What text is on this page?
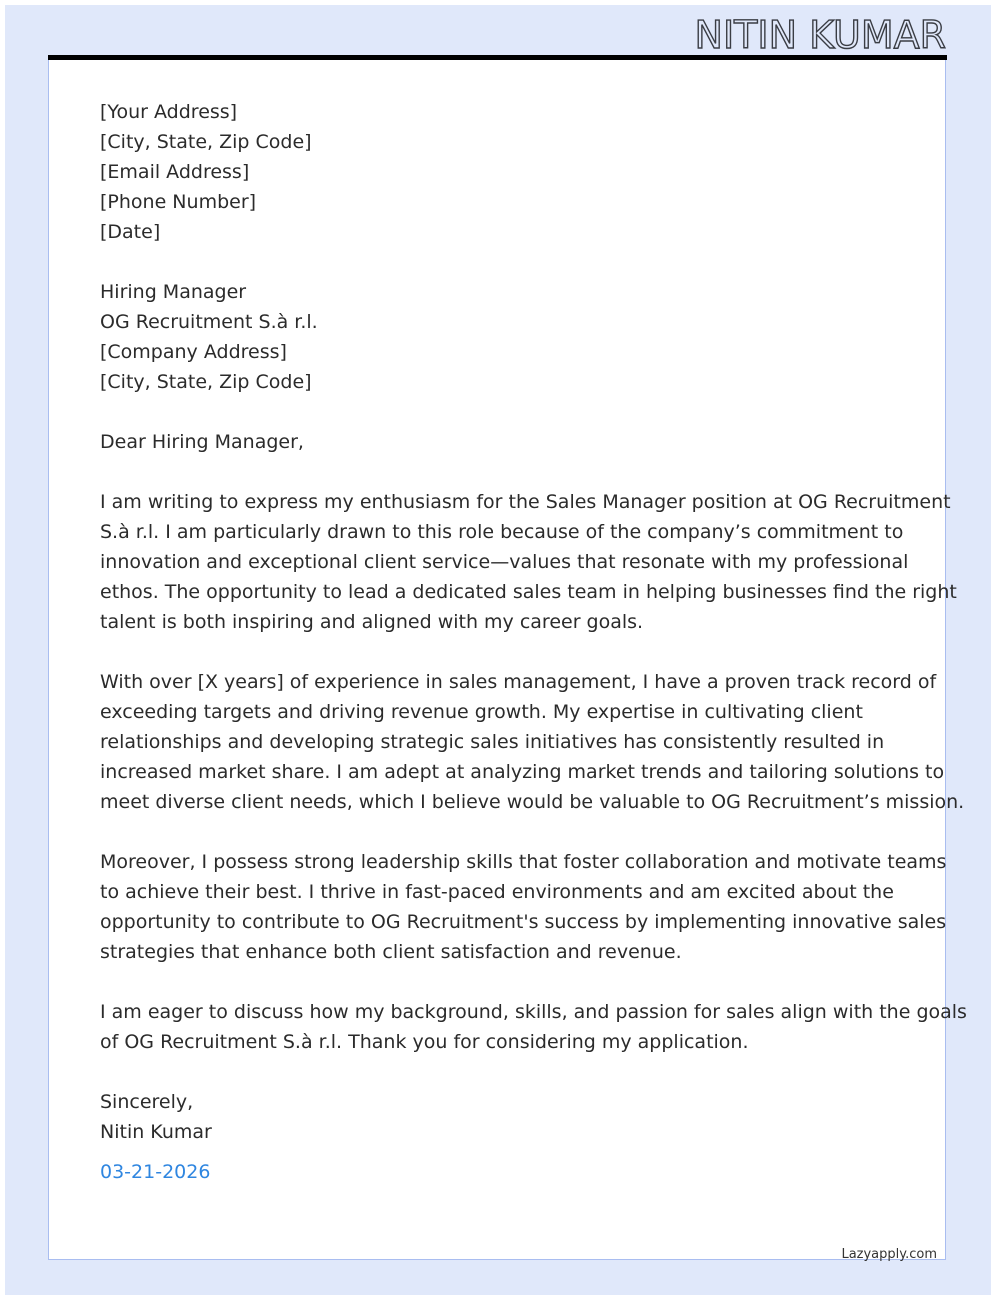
NITIN KUMAR
[Your Address]
[City, State, Zip Code]
[Email Address]
[Phone Number]
[Date]
Hiring Manager
OG Recruitment S.à r.l.
[Company Address]
[City, State, Zip Code]
Dear Hiring Manager,
I am writing to express my enthusiasm for the Sales Manager position at OG Recruitment
S.à r.l. I am particularly drawn to this role because of the company’s commitment to
innovation and exceptional client service—values that resonate with my professional
ethos. The opportunity to lead a dedicated sales team in helping businesses find the right
talent is both inspiring and aligned with my career goals.
With over [X years] of experience in sales management, I have a proven track record of
exceeding targets and driving revenue growth. My expertise in cultivating client
relationships and developing strategic sales initiatives has consistently resulted in
increased market share. I am adept at analyzing market trends and tailoring solutions to
meet diverse client needs, which I believe would be valuable to OG Recruitment’s mission.
Moreover, I possess strong leadership skills that foster collaboration and motivate teams
to achieve their best. I thrive in fast-paced environments and am excited about the
opportunity to contribute to OG Recruitment's success by implementing innovative sales
strategies that enhance both client satisfaction and revenue.
I am eager to discuss how my background, skills, and passion for sales align with the goals
of OG Recruitment S.à r.l. Thank you for considering my application.
Sincerely,
Nitin Kumar
03-21-2026
Lazyapply.com
